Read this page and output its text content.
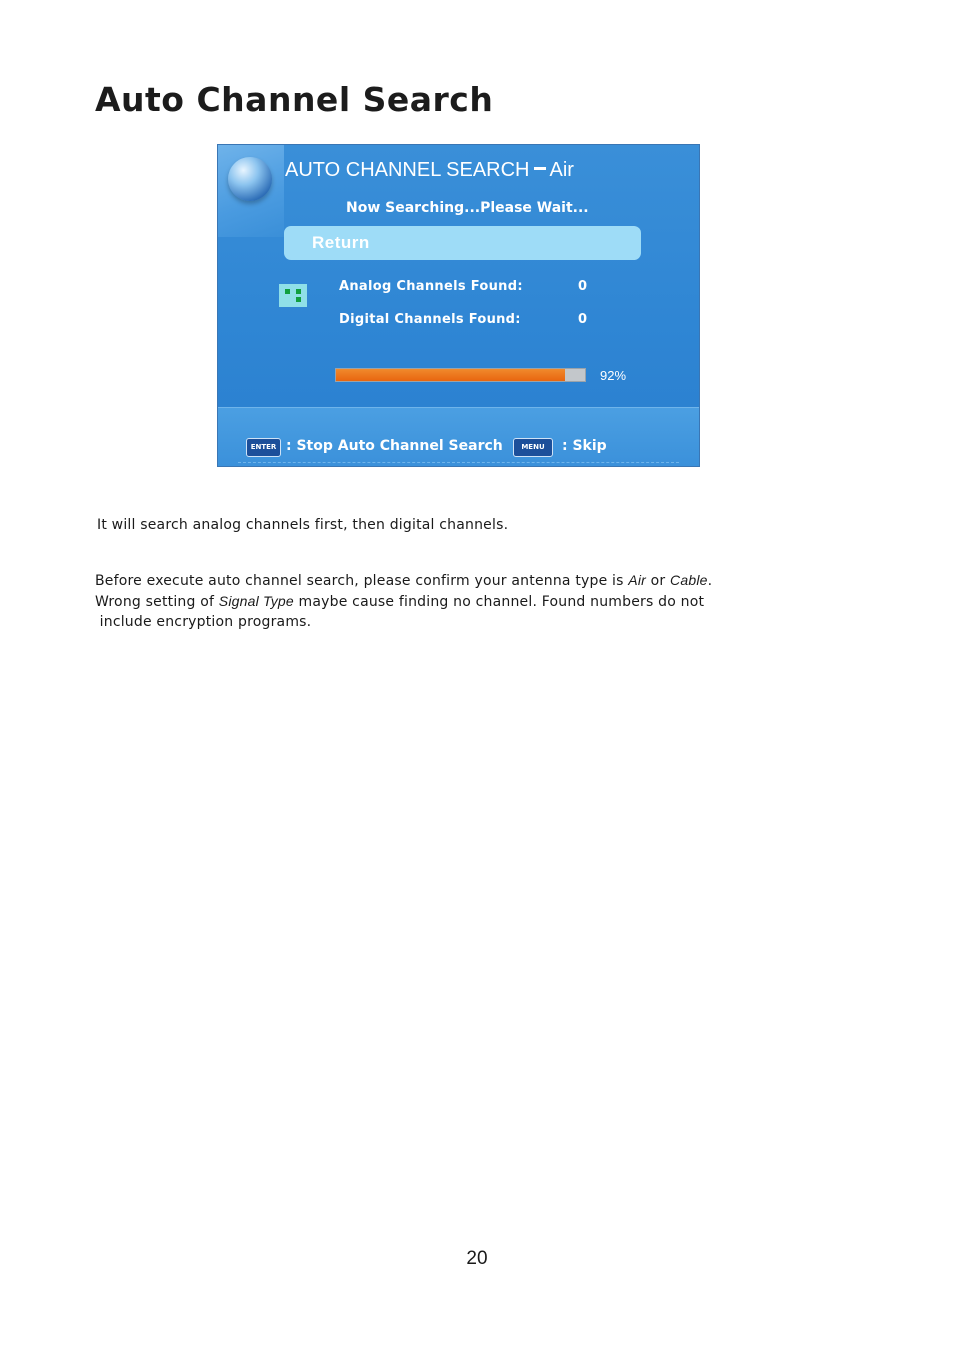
Auto Channel Search
AUTO CHANNEL SEARCH Air
Now Searching...Please Wait...
Return
Analog Channels Found:	0
Digital Channels Found:	0
92%
ENTER : Stop Auto Channel Search	MENU	: Skip

It will search analog channels first, then digital channels.

Before execute auto channel search, please confirm your antenna type is Air or Cable.
Wrong setting of Signal Type maybe cause finding no channel. Found numbers do not
include encryption programs.

20
